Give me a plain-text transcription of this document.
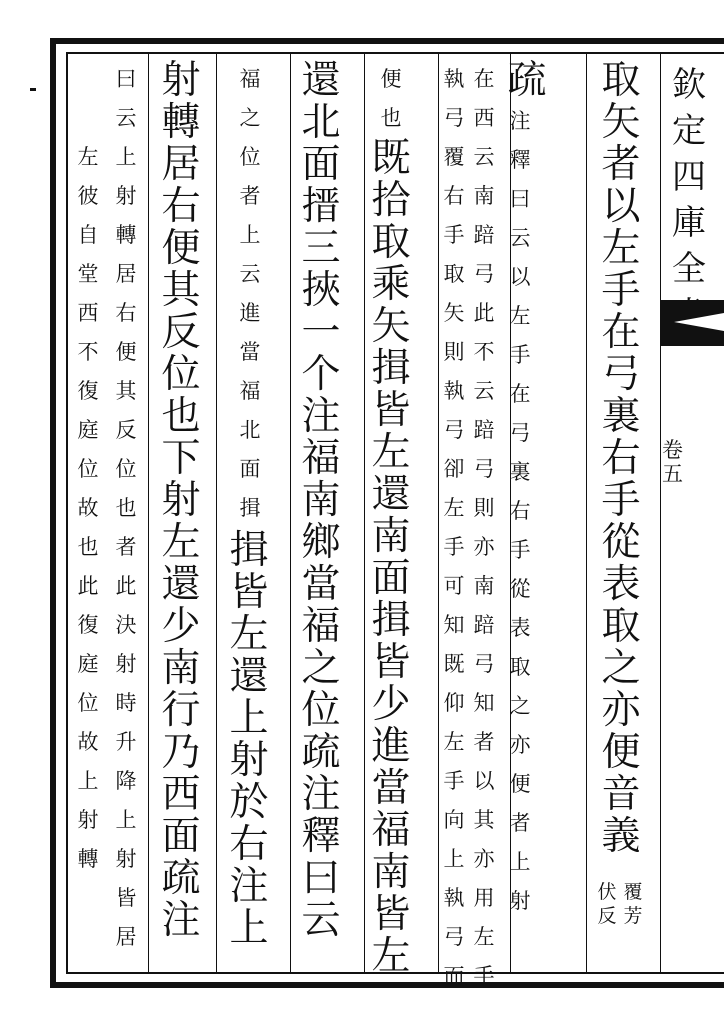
欽
定
四
庫
全
卷
五
取
矢
者
以
左
手
在
弓
裏
右
手
從
表
取
之
亦
便
音
義
疏
注
釋
曰
云
以
左
手
在
弓
裏
右
手
從
表
取
之
亦
便
者
上
射
在
西
云
南
踣
弓
此
不
云
踣
弓
則
亦
南
踣
弓
知
者
以
其
亦
用
左
手
執
弓
覆
右
手
取
矢
則
執
弓
卻
左
手
可
知
既
仰
左
手
向
上
執
弓
而
便
也
既
拾
取
乘
矢
揖
皆
左
還
南
面
揖
皆
少
進
當
福
南
皆
左
還
北
面
搢
三
挾
一
个
注
福
南
鄉
當
福
之
位
疏
注
釋
曰
云
福
之
位
者
上
云
進
當
福
北
面
揖
揖
皆
左
還
上
射
於
右
注
上
射
轉
居
右
便
其
反
位
也
下
射
左
還
少
南
行
乃
西
面
疏
注
曰
云
上
射
轉
居
右
便
其
反
位
也
者
此
決
射
時
升
降
上
射
皆
居
左
彼
自
堂
西
不
復
庭
位
故
也
此
復
庭
位
故
上
射
轉
覆
芳
伏
反
